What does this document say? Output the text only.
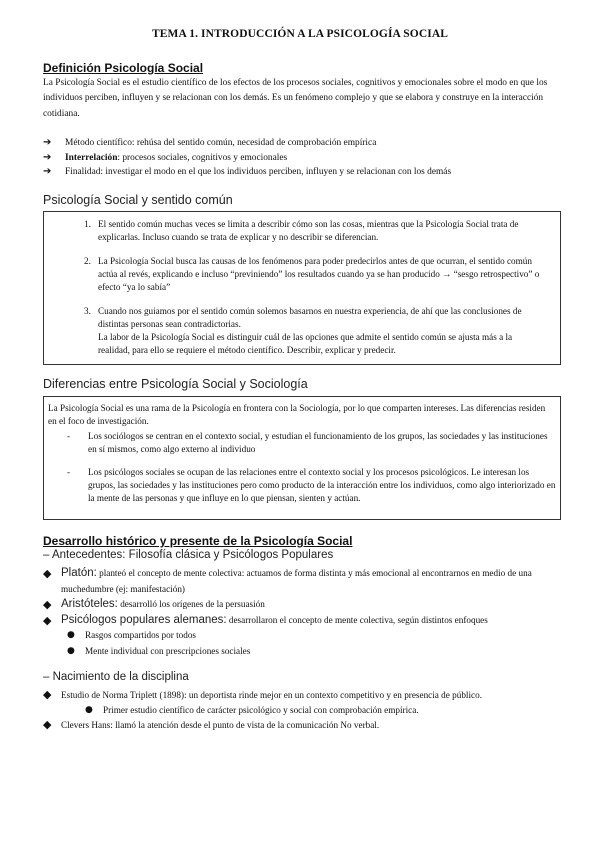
TEMA 1. INTRODUCCIÓN A LA PSICOLOGÍA SOCIAL
Definición Psicología Social
La Psicología Social es el estudio científico de los efectos de los procesos sociales, cognitivos y emocionales sobre el modo en que los individuos perciben, influyen y se relacionan con los demás. Es un fenómeno complejo y que se elabora y construye en la interacción cotidiana.
➔ Método científico: rehúsa del sentido común, necesidad de comprobación empírica
➔ Interrelación: procesos sociales, cognitivos y emocionales
➔ Finalidad: investigar el modo en el que los individuos perciben, influyen y se relacionan con los demás
Psicología Social y sentido común
1. El sentido común muchas veces se limita a describir cómo son las cosas, mientras que la Psicología Social trata de explicarlas. Incluso cuando se trata de explicar y no describir se diferencian.
2. La Psicología Social busca las causas de los fenómenos para poder predecirlos antes de que ocurran, el sentido común actúa al revés, explicando e incluso “previniendo” los resultados cuando ya se han producido → “sesgo retrospectivo” o efecto “ya lo sabía”
3. Cuando nos guiamos por el sentido común solemos basarnos en nuestra experiencia, de ahí que las conclusiones de distintas personas sean contradictorias.
La labor de la Psicología Social es distinguir cuál de las opciones que admite el sentido común se ajusta más a la realidad, para ello se requiere el método científico. Describir, explicar y predecir.
Diferencias entre Psicología Social y Sociología
La Psicología Social es una rama de la Psicología en frontera con la Sociología, por lo que comparten intereses. Las diferencias residen en el foco de investigación.
- Los sociólogos se centran en el contexto social, y estudian el funcionamiento de los grupos, las sociedades y las instituciones en sí mismos, como algo externo al individuo
- Los psicólogos sociales se ocupan de las relaciones entre el contexto social y los procesos psicológicos. Le interesan los grupos, las sociedades y las instituciones pero como producto de la interacción entre los individuos, como algo interiorizado en la mente de las personas y que influye en lo que piensan, sienten y actúan.
Desarrollo histórico y presente de la Psicología Social
– Antecedentes: Filosofía clásica y Psicólogos Populares
◆ Platón: planteó el concepto de mente colectiva: actuamos de forma distinta y más emocional al encontrarnos en medio de una muchedumbre (ej: manifestación)
◆ Aristóteles: desarrolló los orígenes de la persuasión
◆ Psicólogos populares alemanes: desarrollaron el concepto de mente colectiva, según distintos enfoques
● Rasgos compartidos por todos
● Mente individual con prescripciones sociales
– Nacimiento de la disciplina
◆ Estudio de Norma Triplett (1898): un deportista rinde mejor en un contexto competitivo y en presencia de público.
● Primer estudio científico de carácter psicológico y social con comprobación empírica.
◆ Clevers Hans: llamó la atención desde el punto de vista de la comunicación No verbal.
